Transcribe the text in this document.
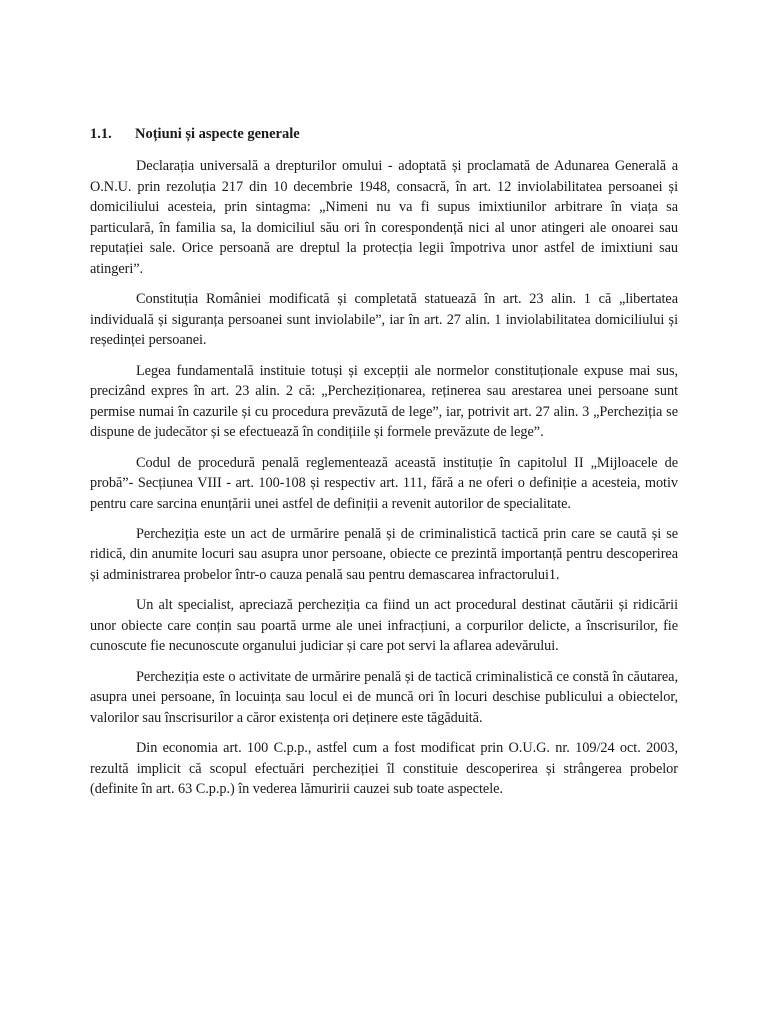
1.1.	Noțiuni și aspecte generale

Declarația universală a drepturilor omului - adoptată și proclamată de Adunarea Generală a O.N.U. prin rezoluția 217 din 10 decembrie 1948, consacră, în art. 12 inviolabilitatea persoanei și domiciliului acesteia, prin sintagma: „Nimeni nu va fi supus imixtiunilor arbitrare în viața sa particulară, în familia sa, la domiciliul său ori în corespondență nici al unor atingeri ale onoarei sau reputației sale. Orice persoană are dreptul la protecția legii împotriva unor astfel de imixtiuni sau atingeri”.

Constituția României modificată și completată statuează în art. 23 alin. 1 că „libertatea individuală și siguranța persoanei sunt inviolabile”, iar în art. 27 alin. 1 inviolabilitatea domiciliului și reședinței persoanei.

Legea fundamentală instituie totuși și excepții ale normelor constituționale expuse mai sus, precizând expres în art. 23 alin. 2 că: „Percheziționarea, reținerea sau arestarea unei persoane sunt permise numai în cazurile și cu procedura prevăzută de lege”, iar, potrivit art. 27 alin. 3 „Percheziția se dispune de judecător și se efectuează în condițiile și formele prevăzute de lege”.

Codul de procedură penală reglementează această instituție în capitolul II „Mijloacele de probă”- Secțiunea VIII - art. 100-108 și respectiv art. 111, fără a ne oferi o definiție a acesteia, motiv pentru care sarcina enunțării unei astfel de definiții a revenit autorilor de specialitate.

Percheziția este un act de urmărire penală și de criminalistică tactică prin care se caută și se ridică, din anumite locuri sau asupra unor persoane, obiecte ce prezintă importanță pentru descoperirea și administrarea probelor într-o cauza penală sau pentru demascarea infractorului1.

Un alt specialist, apreciază percheziția ca fiind un act procedural destinat căutării și ridicării unor obiecte care conțin sau poartă urme ale unei infracțiuni, a corpurilor delicte, a înscrisurilor, fie cunoscute fie necunoscute organului judiciar și care pot servi la aflarea adevărului.

Percheziția este o activitate de urmărire penală și de tactică criminalistică ce constă în căutarea, asupra unei persoane, în locuința sau locul ei de muncă ori în locuri deschise publicului a obiectelor, valorilor sau înscrisurilor a căror existența ori deținere este tăgăduită.

Din economia art. 100 C.p.p., astfel cum a fost modificat prin O.U.G. nr. 109/24 oct. 2003, rezultă implicit că scopul efectuări percheziției îl constituie descoperirea și strângerea probelor (definite în art. 63 C.p.p.) în vederea lămuririi cauzei sub toate aspectele.
